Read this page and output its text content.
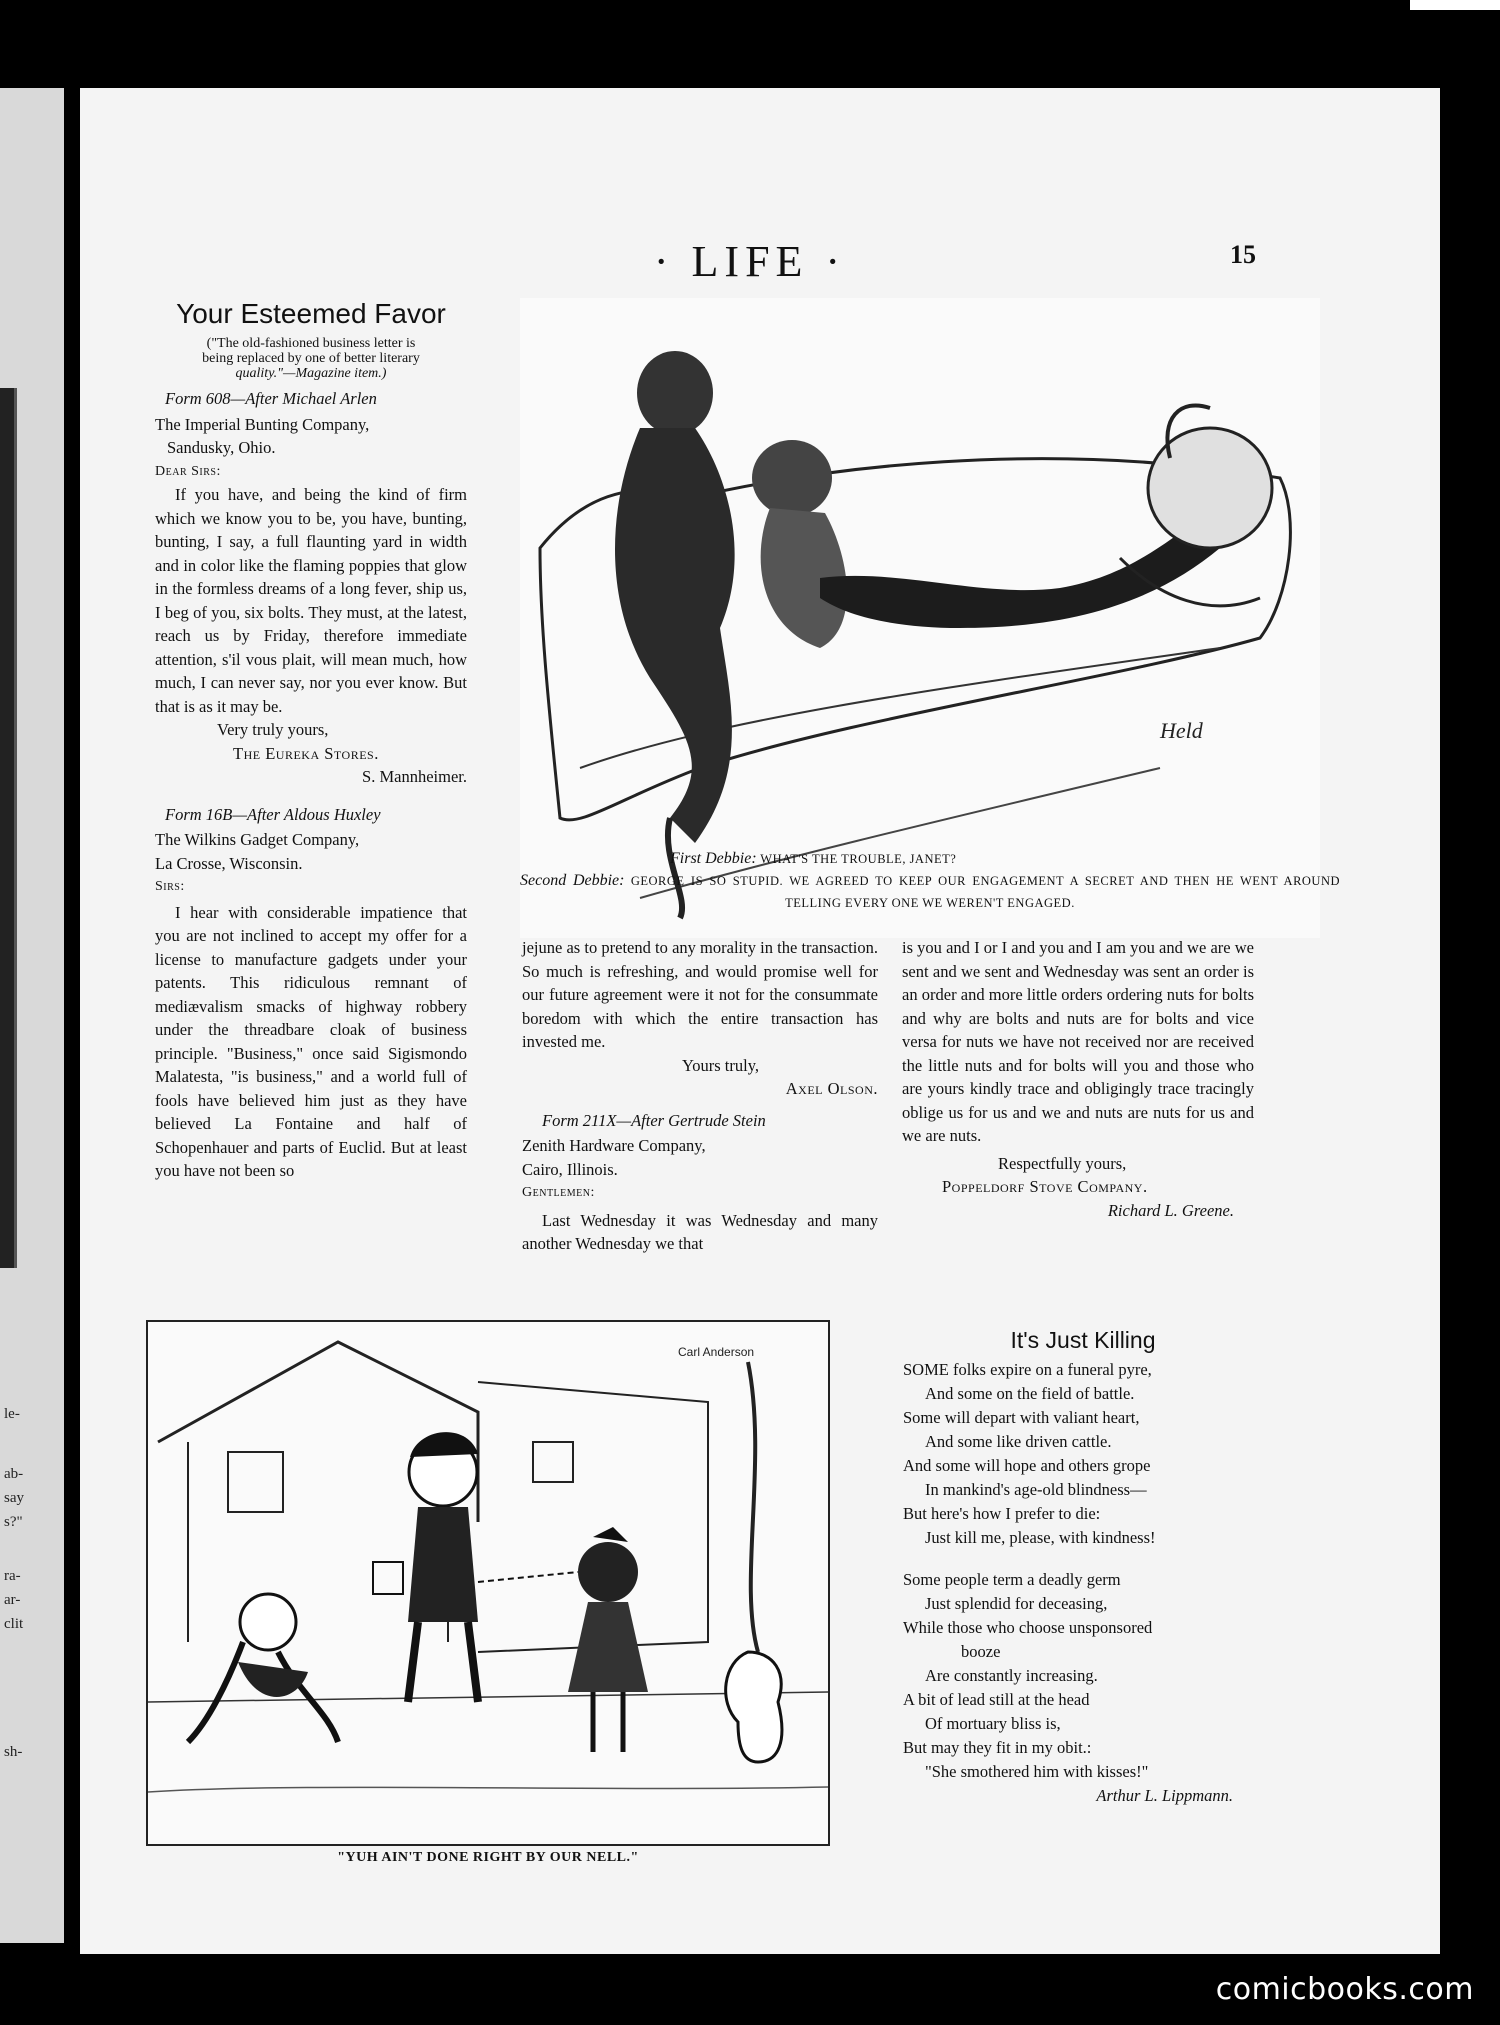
le-
ab-
say
s?"
ra-
ar-
clit
sh-
· LIFE ·	15
Your Esteemed Favor
("The old-fashioned business letter is
being replaced by one of better literary
quality."—Magazine item.)
Form 608—After Michael Arlen
The Imperial Bunting Company,
Sandusky, Ohio.
Dear Sirs:

If you have, and being the kind of firm which we know you to be, you have, bunting, bunting, I say, a full flaunting yard in width and in color like the flaming poppies that glow in the formless dreams of a long fever, ship us, I beg of you, six bolts. They must, at the latest, reach us by Friday, therefore immediate attention, s'il vous plait, will mean much, how much, I can never say, nor you ever know. But that is as it may be.

Very truly yours,
The Eureka Stores.
S. Mannheimer.
Form 16B—After Aldous Huxley
The Wilkins Gadget Company,
La Crosse, Wisconsin.
Sirs:

I hear with considerable impatience that you are not inclined to accept my offer for a license to manufacture gadgets under your patents. This ridiculous remnant of mediævalism smacks of highway robbery under the threadbare cloak of business principle. "Business," once said Sigismondo Malatesta, "is business," and a world full of fools have believed him just as they have believed La Fontaine and half of Schopenhauer and parts of Euclid. But at least you have not been so

Held
First Debbie: WHAT'S THE TROUBLE, JANET?
Second Debbie: GEORGE IS SO STUPID. WE AGREED TO KEEP OUR ENGAGEMENT A SECRET AND THEN HE WENT AROUND TELLING EVERY ONE WE WEREN'T ENGAGED.

jejune as to pretend to any morality in the transaction. So much is refreshing, and would promise well for our future agreement were it not for the consummate boredom with which the entire transaction has invested me.

Yours truly,
Axel Olson.
Form 211X—After Gertrude Stein
Zenith Hardware Company,
Cairo, Illinois.
Gentlemen:

Last Wednesday it was Wednesday and many another Wednesday we that

is you and I or I and you and I am you and we are we sent and we sent and Wednesday was sent an order is an order and more little orders ordering nuts for bolts and why are bolts and nuts are for bolts and vice versa for nuts we have not received nor are received the little nuts and for bolts will you and those who are yours kindly trace and obligingly trace tracingly oblige us for us and we and nuts are nuts for us and we are nuts.

Respectfully yours,
Poppeldorf Stove Company.
Richard L. Greene.
Carl Anderson
"YUH AIN'T DONE RIGHT BY OUR NELL."
It's Just Killing
SOME folks expire on a funeral pyre,
And some on the field of battle.
Some will depart with valiant heart,
And some like driven cattle.
And some will hope and others grope
In mankind's age-old blindness—
But here's how I prefer to die:
Just kill me, please, with kindness!
Some people term a deadly germ
Just splendid for deceasing,
While those who choose unsponsored
booze
Are constantly increasing.
A bit of lead still at the head
Of mortuary bliss is,
But may they fit in my obit.:
"She smothered him with kisses!"
Arthur L. Lippmann.
comicbooks.com
